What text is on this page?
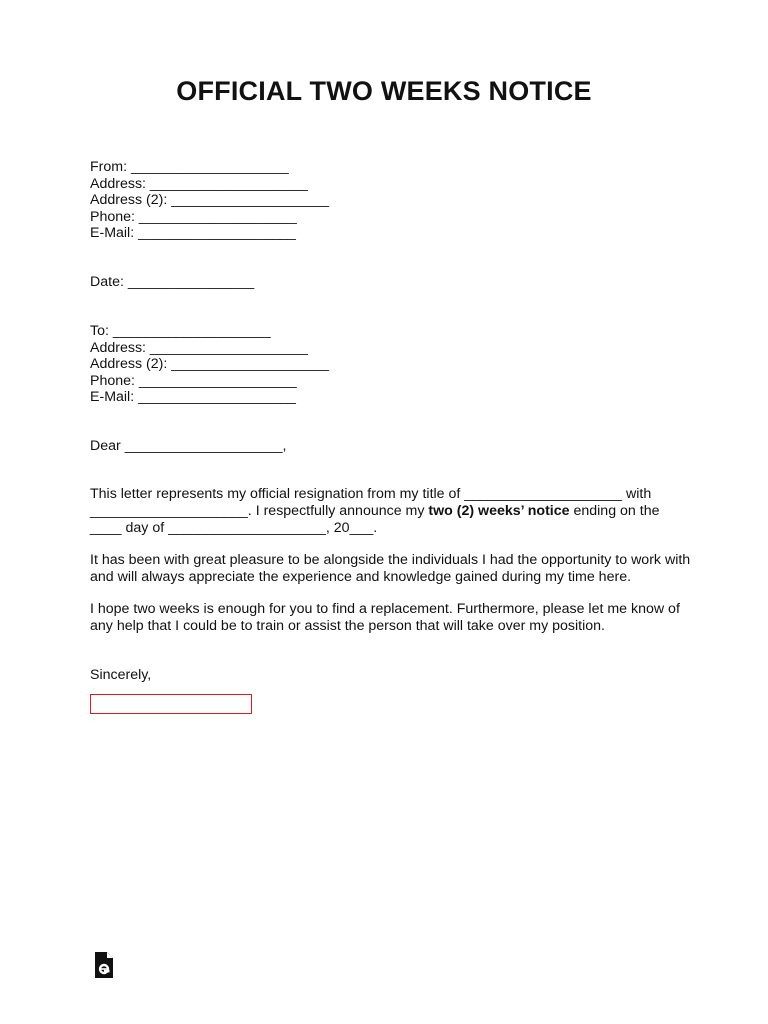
OFFICIAL TWO WEEKS NOTICE
From: ____________________
Address: ____________________
Address (2): ____________________
Phone: ____________________
E-Mail: ____________________
Date: ________________
To: ____________________
Address: ____________________
Address (2): ____________________
Phone: ____________________
E-Mail: ____________________
Dear ____________________,
This letter represents my official resignation from my title of ____________________ with
____________________. I respectfully announce my two (2) weeks’ notice ending on the
____ day of ____________________, 20___.
It has been with great pleasure to be alongside the individuals I had the opportunity to work with
and will always appreciate the experience and knowledge gained during my time here.
I hope two weeks is enough for you to find a replacement. Furthermore, please let me know of
any help that I could be to train or assist the person that will take over my position.
Sincerely,
